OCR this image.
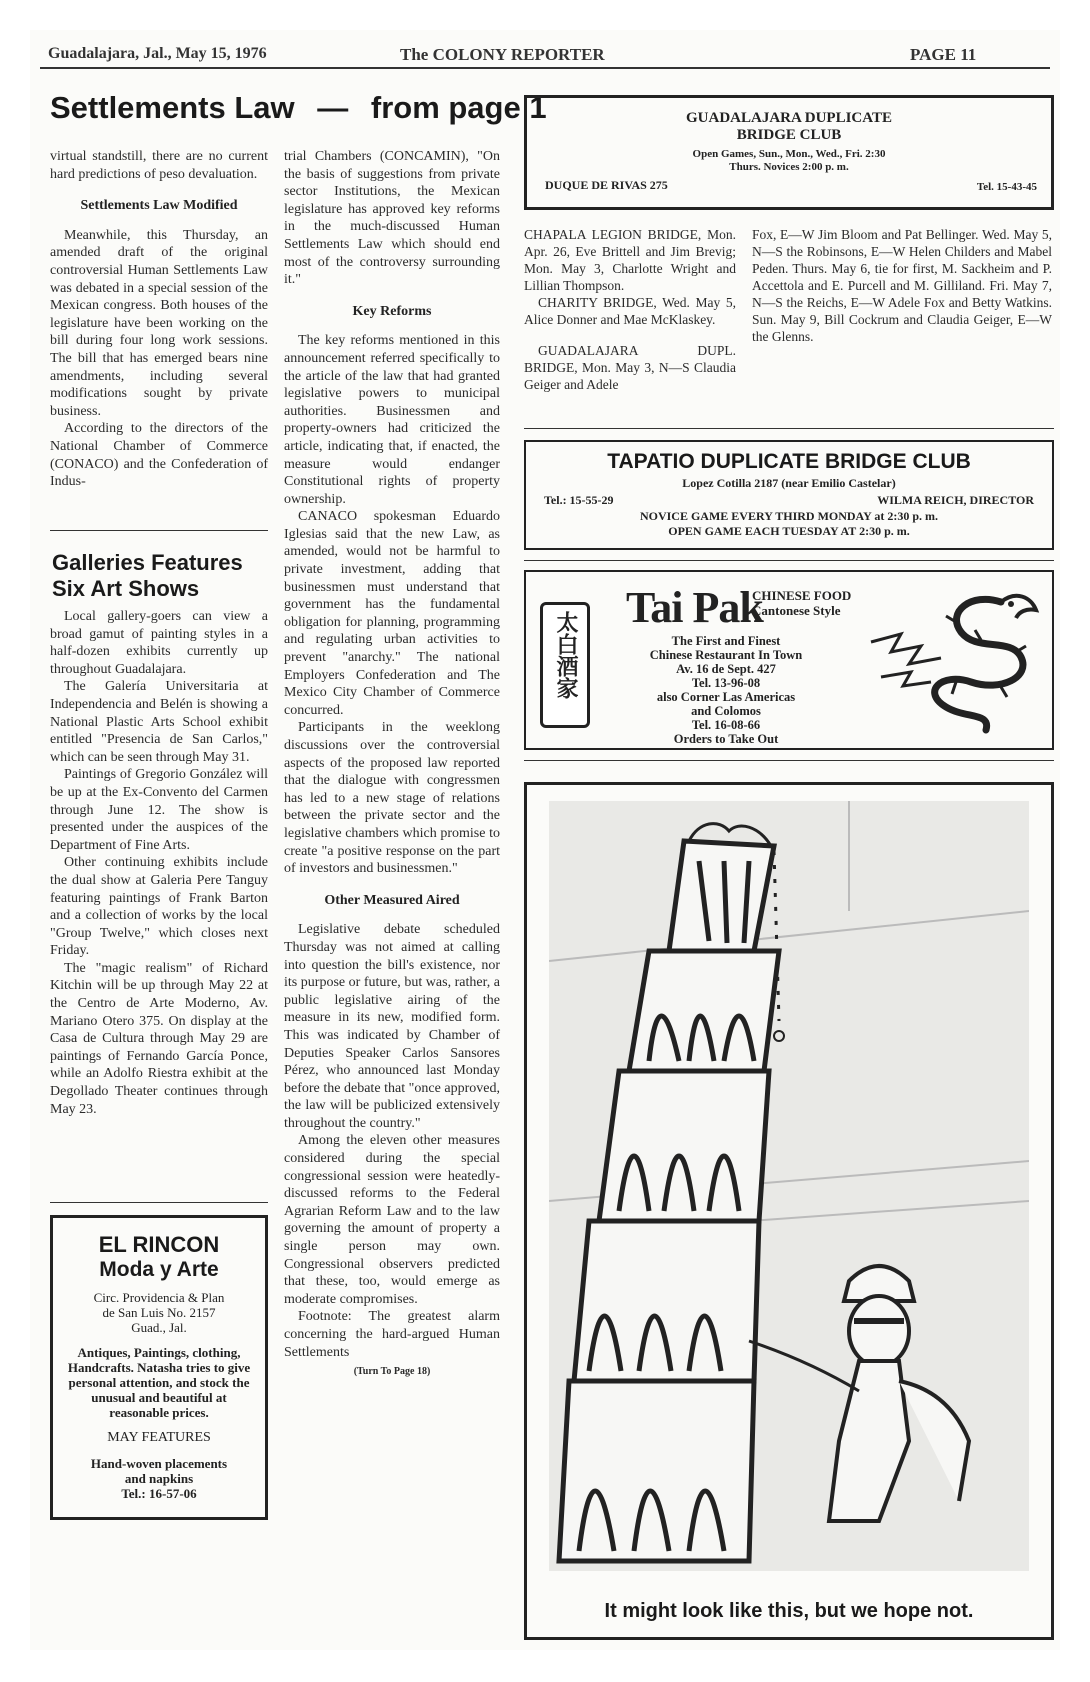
Guadalajara, Jal., May 15, 1976	The COLONY REPORTER	PAGE 11
Settlements Law — from page 1
virtual standstill, there are no current hard predictions of peso devaluation.
Settlements Law Modified

Meanwhile, this Thursday, an amended draft of the original controversial Human Settlements Law was debated in a special session of the Mexican congress. Both houses of the legislature have been working on the bill during four long work sessions. The bill that has emerged bears nine amendments, including several modifications sought by private business.

According to the directors of the National Chamber of Commerce (CONACO) and the Confederation of Indus-

Galleries Features
Six Art Shows

Local gallery-goers can view a broad gamut of painting styles in a half-dozen exhibits currently up throughout Guadalajara.

The Galería Universitaria at Independencia and Belén is showing a National Plastic Arts School exhibit entitled "Presencia de San Carlos," which can be seen through May 31.

Paintings of Gregorio González will be up at the Ex-Convento del Carmen through June 12. The show is presented under the auspices of the Department of Fine Arts.

Other continuing exhibits include the dual show at Galeria Pere Tanguy featuring paintings of Frank Barton and a collection of works by the local "Group Twelve," which closes next Friday.

The "magic realism" of Richard Kitchin will be up through May 22 at the Centro de Arte Moderno, Av. Mariano Otero 375. On display at the Casa de Cultura through May 29 are paintings of Fernando García Ponce, while an Adolfo Riestra exhibit at the Degollado Theater continues through May 23.

EL RINCON
Moda y Arte
Circ. Providencia & Plan
de San Luis No. 2157
Guad., Jal.
Antiques, Paintings, clothing, Handcrafts. Natasha tries to give personal attention, and stock the unusual and beautiful at reasonable prices.
MAY FEATURES
Hand-woven placements
and napkins
Tel.: 16-57-06
trial Chambers (CONCAMIN), "On the basis of suggestions from private sector Institutions, the Mexican legislature has approved key reforms in the much-discussed Human Settlements Law which should end most of the controversy surrounding it."
Key Reforms

The key reforms mentioned in this announcement referred specifically to the article of the law that had granted legislative powers to municipal authorities. Businessmen and property-owners had criticized the article, indicating that, if enacted, the measure would endanger Constitutional rights of property ownership.

CANACO spokesman Eduardo Iglesias said that the new Law, as amended, would not be harmful to private investment, adding that businessmen must understand that government has the fundamental obligation for planning, programming and regulating urban activities to prevent "anarchy." The national Employers Confederation and The Mexico City Chamber of Commerce concurred.

Participants in the weeklong discussions over the controversial aspects of the proposed law reported that the dialogue with congressmen has led to a new stage of relations between the private sector and the legislative chambers which promise to create "a positive response on the part of investors and businessmen."

Other Measured Aired

Legislative debate scheduled Thursday was not aimed at calling into question the bill's existence, nor its purpose or future, but was, rather, a public legislative airing of the measure in its new, modified form. This was indicated by Chamber of Deputies Speaker Carlos Sansores Pérez, who announced last Monday before the debate that "once approved, the law will be publicized extensively throughout the country."

Among the eleven other measures considered during the special congressional session were heatedly-discussed reforms to the Federal Agrarian Reform Law and to the law governing the amount of property a single person may own. Congressional observers predicted that these, too, would emerge as moderate compromises.

Footnote: The greatest alarm concerning the hard-argued Human Settlements

(Turn To Page 18)
GUADALAJARA DUPLICATE
BRIDGE CLUB
Open Games, Sun., Mon., Wed., Fri. 2:30
Thurs. Novices 2:00 p. m.
DUQUE DE RIVAS 275	Tel. 15-43-45
CHAPALA LEGION BRIDGE, Mon. Apr. 26, Eve Brittell and Jim Brevig; Mon. May 3, Charlotte Wright and Lillian Thompson.

CHARITY BRIDGE, Wed. May 5, Alice Donner and Mae McKlaskey.

GUADALAJARA DUPL. BRIDGE, Mon. May 3, N—S Claudia Geiger and Adele

Fox, E—W Jim Bloom and Pat Bellinger. Wed. May 5, N—S the Robinsons, E—W Helen Childers and Mabel Peden. Thurs. May 6, tie for first, M. Sackheim and P. Accettola and E. Purcell and M. Gilliland. Fri. May 7, N—S the Reichs, E—W Adele Fox and Betty Watkins. Sun. May 9, Bill Cockrum and Claudia Geiger, E—W the Glenns.
TAPATIO DUPLICATE BRIDGE CLUB
Lopez Cotilla 2187 (near Emilio Castelar)
Tel.: 15-55-29	WILMA REICH, DIRECTOR
NOVICE GAME EVERY THIRD MONDAY at 2:30 p. m.
OPEN GAME EACH TUESDAY AT 2:30 p. m.
太白酒家
Tai Pak
CHINESE FOOD
Cantonese Style
The First and Finest
Chinese Restaurant In Town
Av. 16 de Sept. 427
Tel. 13-96-08
also Corner Las Americas
and Colomos
Tel. 16-08-66
Orders to Take Out
It might look like this, but we hope not.
